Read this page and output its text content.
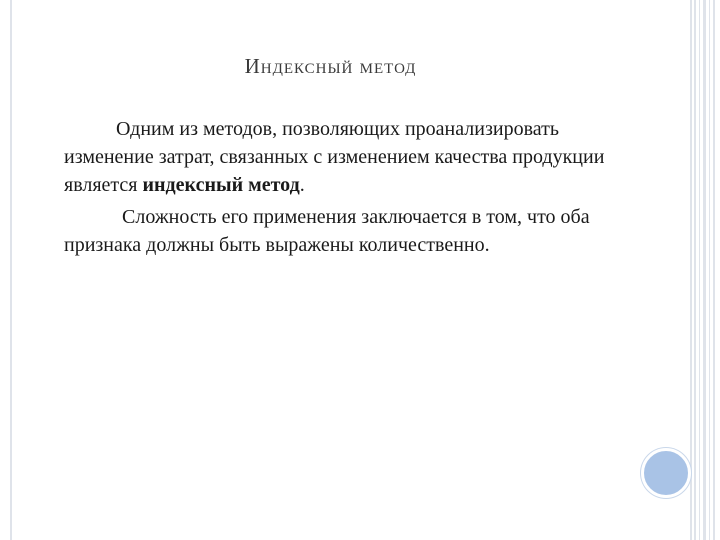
Индексный метод

Одним из методов, позволяющих проанализировать изменение затрат, связанных с изменением качества продукции является индексный метод.

Сложность его применения заключается в том, что оба признака должны быть выражены количественно.
